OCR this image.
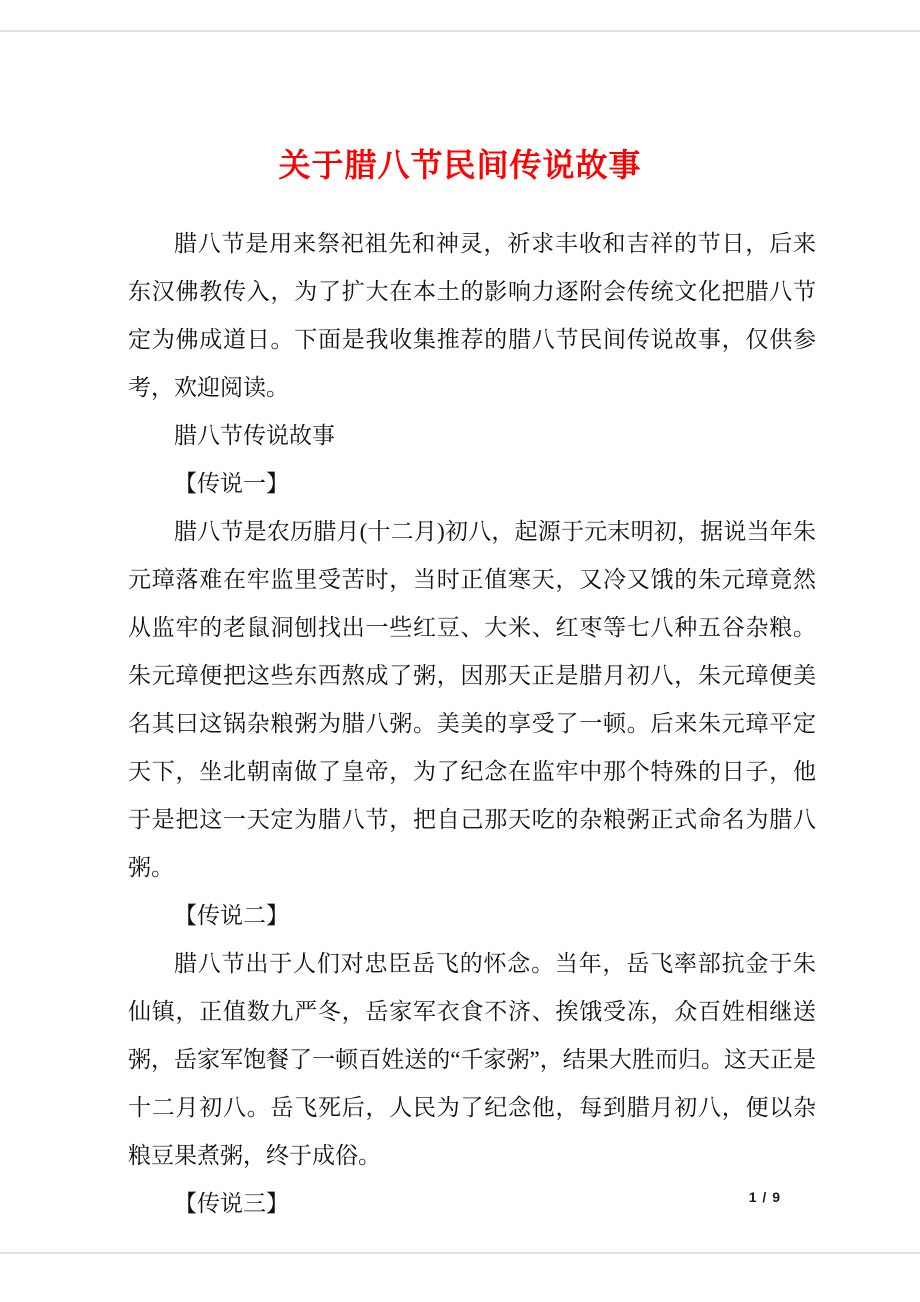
关于腊八节民间传说故事

腊八节是用来祭祀祖先和神灵，祈求丰收和吉祥的节日，后来东汉佛教传入，为了扩大在本土的影响力逐附会传统文化把腊八节定为佛成道日。下面是我收集推荐的腊八节民间传说故事，仅供参考，欢迎阅读。

腊八节传说故事

【传说一】

腊八节是农历腊月(十二月)初八，起源于元末明初，据说当年朱元璋落难在牢监里受苦时，当时正值寒天，又冷又饿的朱元璋竟然从监牢的老鼠洞刨找出一些红豆、大米、红枣等七八种五谷杂粮。朱元璋便把这些东西熬成了粥，因那天正是腊月初八，朱元璋便美名其曰这锅杂粮粥为腊八粥。美美的享受了一顿。后来朱元璋平定天下，坐北朝南做了皇帝，为了纪念在监牢中那个特殊的日子，他于是把这一天定为腊八节，把自己那天吃的杂粮粥正式命名为腊八粥。

【传说二】

腊八节出于人们对忠臣岳飞的怀念。当年，岳飞率部抗金于朱仙镇，正值数九严冬，岳家军衣食不济、挨饿受冻，众百姓相继送粥，岳家军饱餐了一顿百姓送的“千家粥”，结果大胜而归。这天正是十二月初八。岳飞死后，人民为了纪念他，每到腊月初八，便以杂粮豆果煮粥，终于成俗。

【传说三】	1 / 9
